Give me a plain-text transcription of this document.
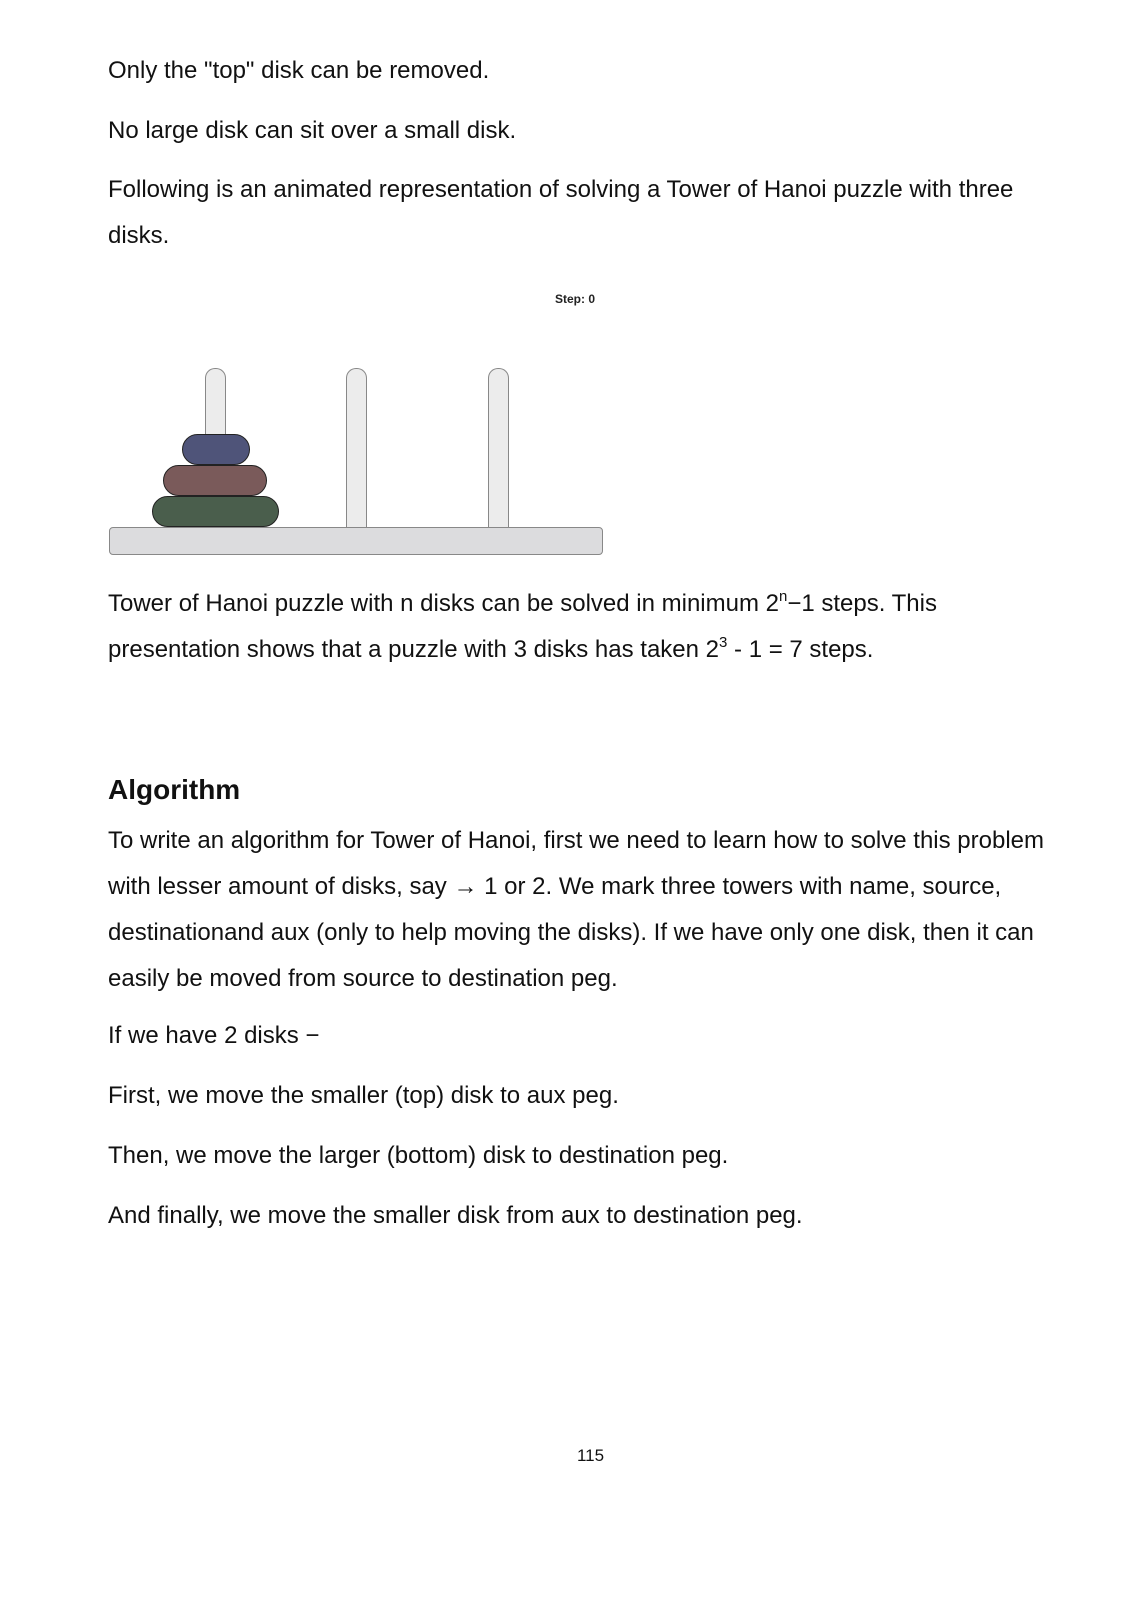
Only the "top" disk can be removed.

No large disk can sit over a small disk.

Following is an animated representation of solving a Tower of Hanoi puzzle with three disks.

Step: 0

Tower of Hanoi puzzle with n disks can be solved in minimum $2^n-1$ steps. This presentation shows that a puzzle with 3 disks has taken $2^3 - 1 = 7$ steps.

Algorithm

To write an algorithm for Tower of Hanoi, first we need to learn how to solve this problem with lesser amount of disks, say → 1 or 2. We mark three towers with name, source, destinationand aux (only to help moving the disks). If we have only one disk, then it can easily be moved from source to destination peg.

If we have 2 disks −

First, we move the smaller (top) disk to aux peg.

Then, we move the larger (bottom) disk to destination peg.

And finally, we move the smaller disk from aux to destination peg.

115
